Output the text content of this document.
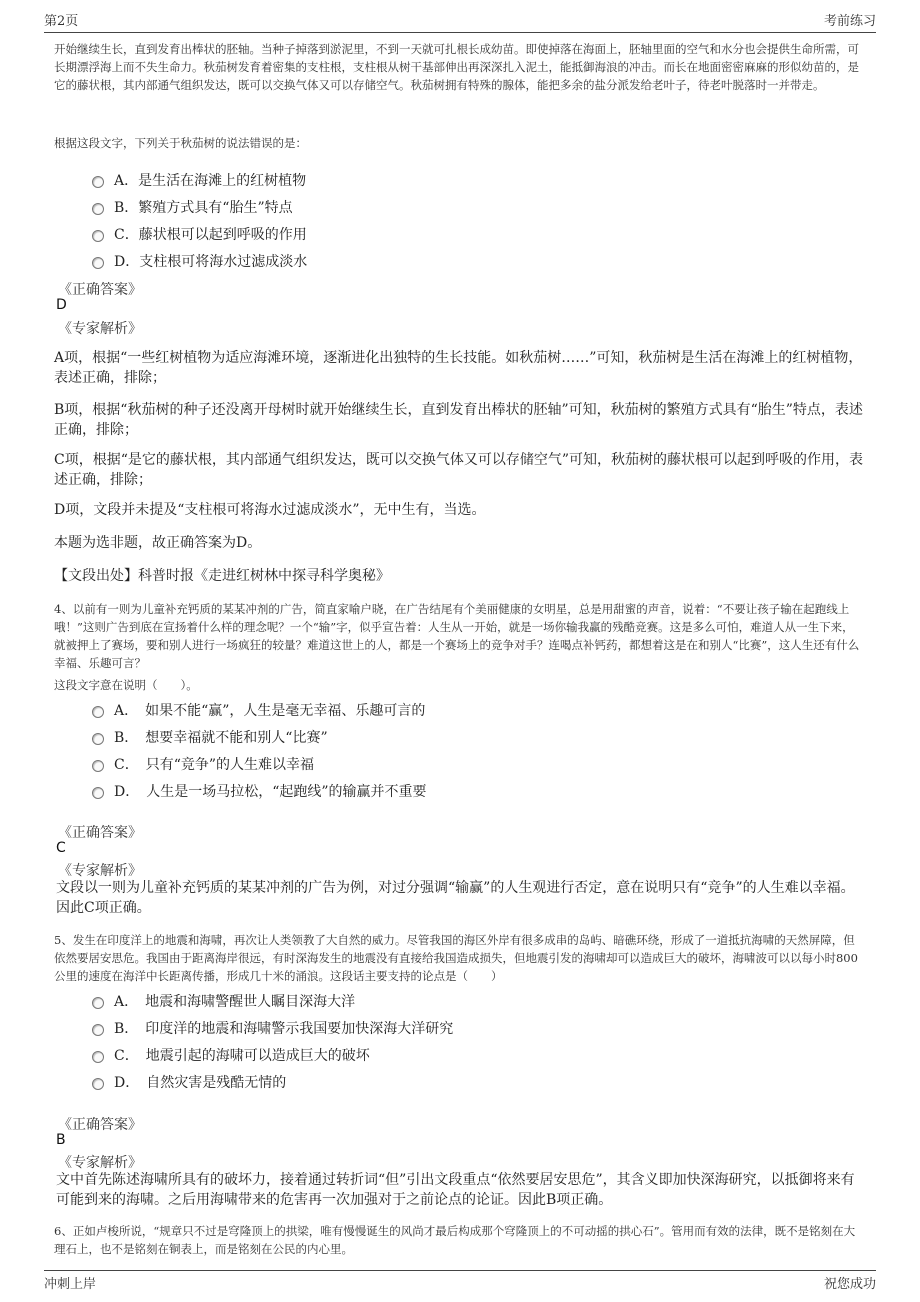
第2页	考前练习
开始继续生长，直到发育出棒状的胚轴。当种子掉落到淤泥里，不到一天就可扎根长成幼苗。即使掉落在海面上，胚轴里面的空气和水分也会提供生命所需，可长期漂浮海上而不失生命力。秋茄树发育着密集的支柱根，支柱根从树干基部伸出再深深扎入泥土，能抵御海浪的冲击。而长在地面密密麻麻的形似幼苗的，是它的藤状根，其内部通气组织发达，既可以交换气体又可以存储空气。秋茄树拥有特殊的腺体，能把多余的盐分派发给老叶子，待老叶脱落时一并带走。
根据这段文字，下列关于秋茄树的说法错误的是：
A．是生活在海滩上的红树植物
B．繁殖方式具有“胎生”特点
C．藤状根可以起到呼吸的作用
D．支柱根可将海水过滤成淡水
《正确答案》
D
《专家解析》
A项，根据“一些红树植物为适应海滩环境，逐渐进化出独特的生长技能。如秋茄树……”可知，秋茄树是生活在海滩上的红树植物，表述正确，排除；
B项，根据“秋茄树的种子还没离开母树时就开始继续生长，直到发育出棒状的胚轴”可知，秋茄树的繁殖方式具有“胎生”特点，表述正确，排除；
C项，根据“是它的藤状根，其内部通气组织发达，既可以交换气体又可以存储空气”可知，秋茄树的藤状根可以起到呼吸的作用，表述正确，排除；
D项，文段并未提及“支柱根可将海水过滤成淡水”，无中生有，当选。
本题为选非题，故正确答案为D。
【文段出处】科普时报《走进红树林中探寻科学奥秘》

4、以前有一则为儿童补充钙质的某某冲剂的广告，简直家喻户晓，在广告结尾有个美丽健康的女明星，总是用甜蜜的声音，说着：“不要让孩子输在起跑线上哦！”这则广告到底在宣扬着什么样的理念呢？一个“输”字，似乎宣告着：人生从一开始，就是一场你输我赢的残酷竞赛。这是多么可怕，难道人从一生下来，就被押上了赛场，要和别人进行一场疯狂的较量？难道这世上的人，都是一个赛场上的竞争对手？连喝点补钙药，都想着这是在和别人“比赛”，这人生还有什么幸福、乐趣可言？
这段文字意在说明（　　）。
A．　如果不能“赢”，人生是毫无幸福、乐趣可言的
B．　想要幸福就不能和别人“比赛”
C．　只有“竞争”的人生难以幸福
D．　人生是一场马拉松，“起跑线”的输赢并不重要
《正确答案》
C
《专家解析》
文段以一则为儿童补充钙质的某某冲剂的广告为例，对过分强调“输赢”的人生观进行否定，意在说明只有“竞争”的人生难以幸福。因此C项正确。
5、发生在印度洋上的地震和海啸，再次让人类领教了大自然的威力。尽管我国的海区外岸有很多成串的岛屿、暗礁环绕，形成了一道抵抗海啸的天然屏障，但依然要居安思危。我国由于距离海岸很远，有时深海发生的地震没有直接给我国造成损失，但地震引发的海啸却可以造成巨大的破坏，海啸波可以以每小时800公里的速度在海洋中长距离传播，形成几十米的涌浪。这段话主要支持的论点是（　　）
A．　地震和海啸警醒世人瞩目深海大洋
B．　印度洋的地震和海啸警示我国要加快深海大洋研究
C．　地震引起的海啸可以造成巨大的破坏
D．　自然灾害是残酷无情的
《正确答案》
B
《专家解析》
文中首先陈述海啸所具有的破坏力，接着通过转折词“但”引出文段重点“依然要居安思危”，其含义即加快深海研究，以抵御将来有可能到来的海啸。之后用海啸带来的危害再一次加强对于之前论点的论证。因此B项正确。
6、正如卢梭所说，“规章只不过是穹隆顶上的拱梁，唯有慢慢诞生的风尚才最后构成那个穹隆顶上的不可动摇的拱心石”。管用而有效的法律，既不是铭刻在大理石上，也不是铭刻在铜表上，而是铭刻在公民的内心里。
冲刺上岸	祝您成功
